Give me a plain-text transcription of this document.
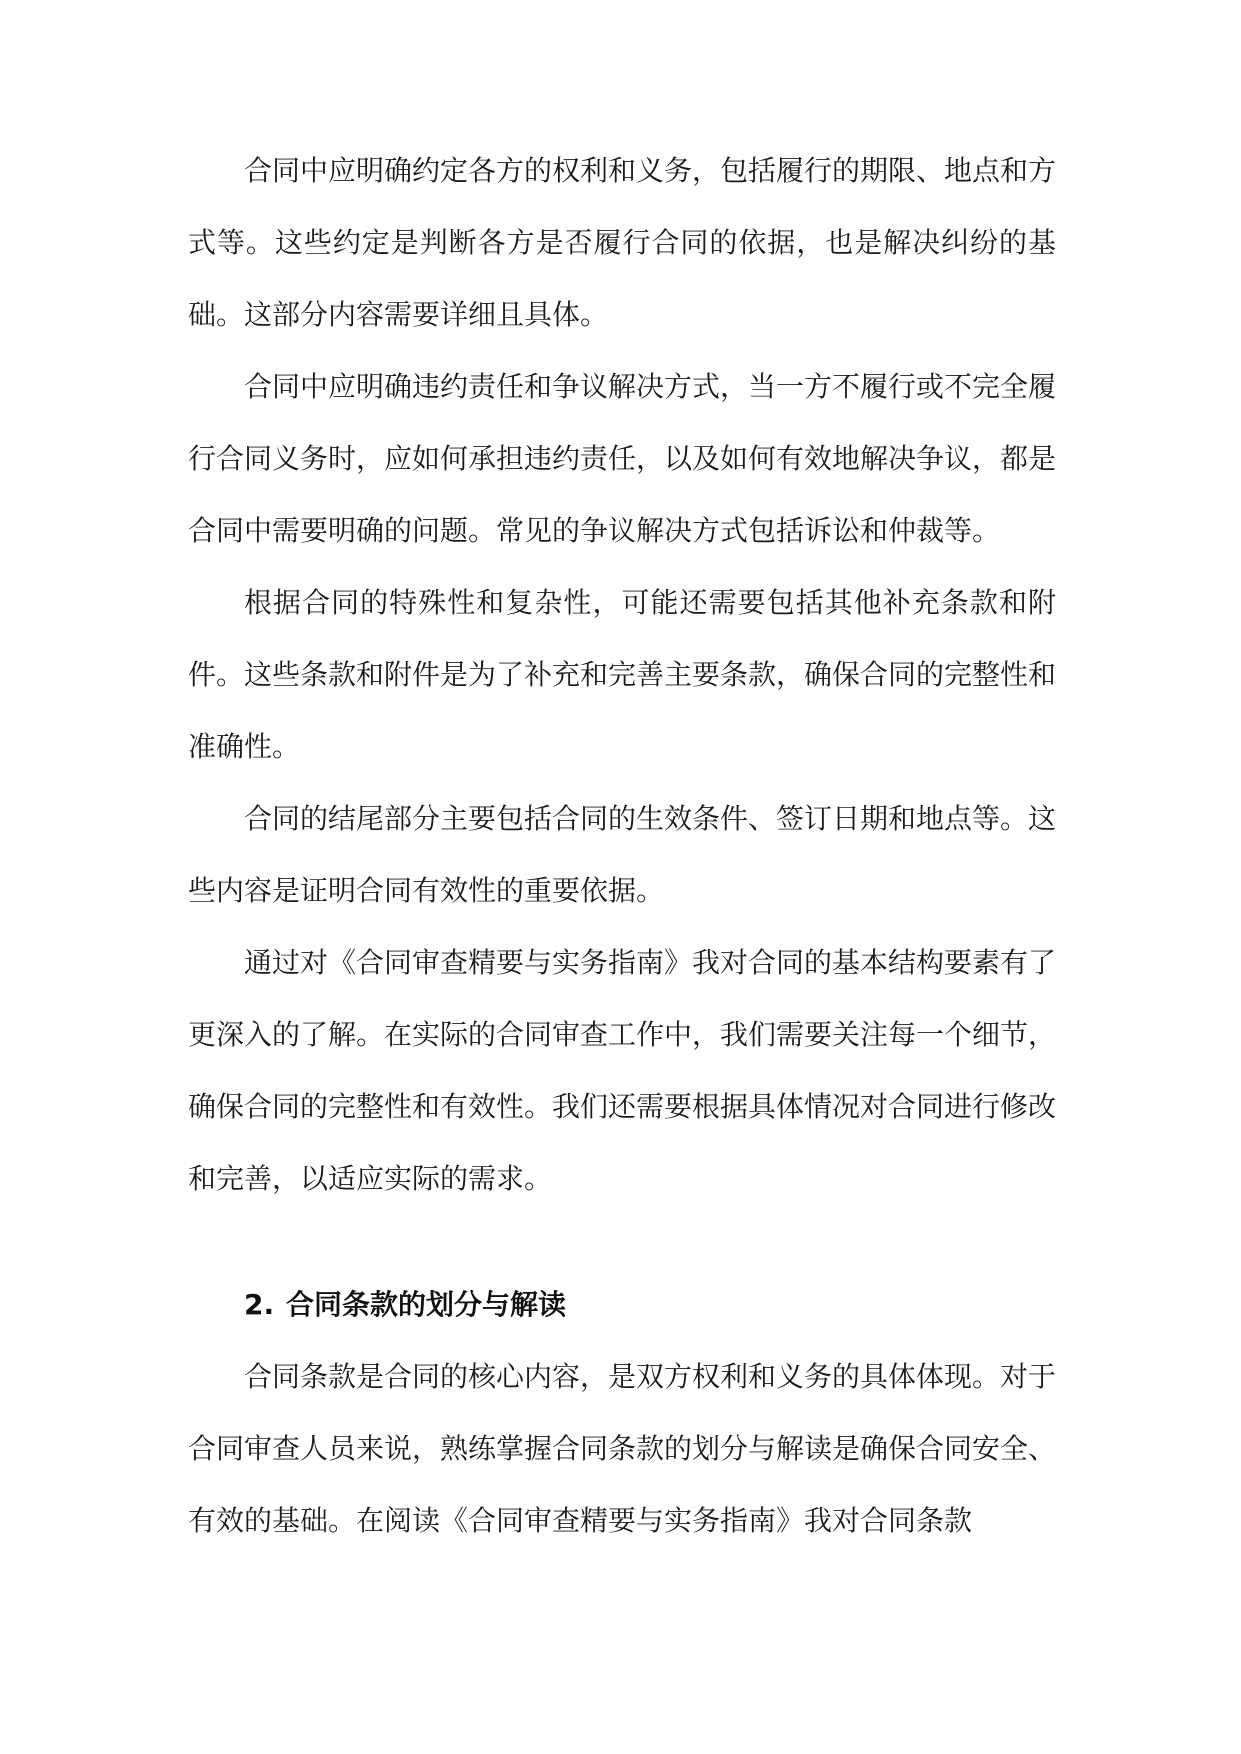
合同中应明确约定各方的权利和义务，包括履行的期限、地点和方式等。这些约定是判断各方是否履行合同的依据，也是解决纠纷的基础。这部分内容需要详细且具体。

合同中应明确违约责任和争议解决方式，当一方不履行或不完全履行合同义务时，应如何承担违约责任，以及如何有效地解决争议，都是合同中需要明确的问题。常见的争议解决方式包括诉讼和仲裁等。

根据合同的特殊性和复杂性，可能还需要包括其他补充条款和附件。这些条款和附件是为了补充和完善主要条款，确保合同的完整性和准确性。

合同的结尾部分主要包括合同的生效条件、签订日期和地点等。这些内容是证明合同有效性的重要依据。

通过对《合同审查精要与实务指南》我对合同的基本结构要素有了更深入的了解。在实际的合同审查工作中，我们需要关注每一个细节，确保合同的完整性和有效性。我们还需要根据具体情况对合同进行修改和完善，以适应实际的需求。

2. 合同条款的划分与解读

合同条款是合同的核心内容，是双方权利和义务的具体体现。对于合同审查人员来说，熟练掌握合同条款的划分与解读是确保合同安全、有效的基础。在阅读《合同审查精要与实务指南》我对合同条款
